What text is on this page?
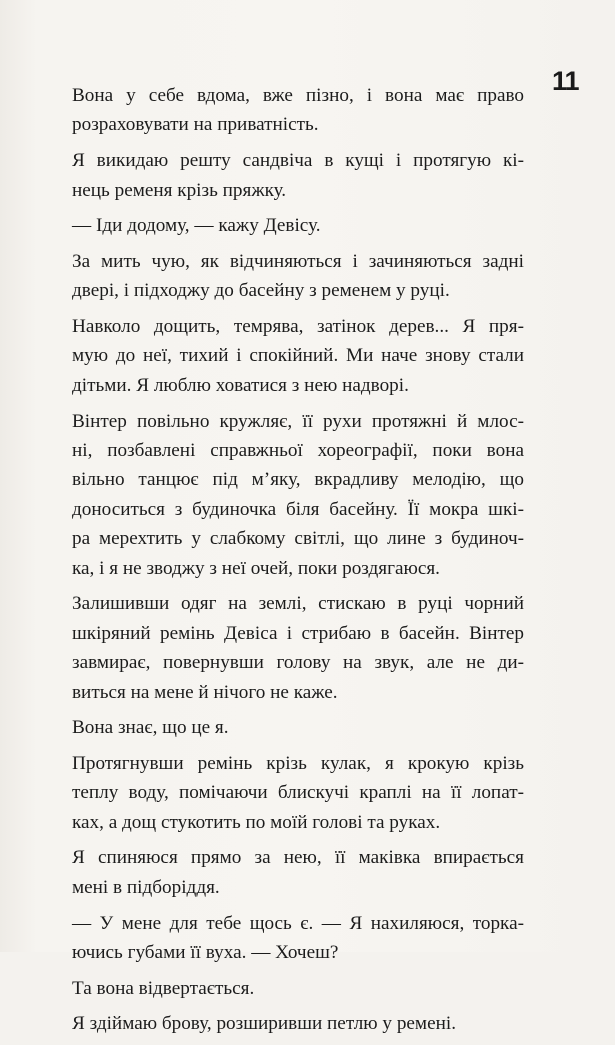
11
Вона у себе вдома, вже пізно, і вона має право
розраховувати на приватність.
Я викидаю решту сандвіча в кущі і протягую кі-
нець ременя крізь пряжку.
— Іди додому, — кажу Девісу.
За мить чую, як відчиняються і зачиняються задні
двері, і підходжу до басейну з ременем у руці.
Навколо дощить, темрява, затінок дерев... Я пря-
мую до неї, тихий і спокійний. Ми наче знову стали
дітьми. Я люблю ховатися з нею надворі.
Вінтер повільно кружляє, її рухи протяжні й млос-
ні, позбавлені справжньої хореографії, поки вона
вільно танцює під м’яку, вкрадливу мелодію, що
доноситься з будиночка біля басейну. Її мокра шкі-
ра мерехтить у слабкому світлі, що лине з будиноч-
ка, і я не зводжу з неї очей, поки роздягаюся.
Залишивши одяг на землі, стискаю в руці чорний
шкіряний ремінь Девіса і стрибаю в басейн. Вінтер
завмирає, повернувши голову на звук, але не ди-
виться на мене й нічого не каже.
Вона знає, що це я.
Протягнувши ремінь крізь кулак, я крокую крізь
теплу воду, помічаючи блискучі краплі на її лопат-
ках, а дощ стукотить по моїй голові та руках.
Я спиняюся прямо за нею, її маківка впирається
мені в підборіддя.
— У мене для тебе щось є. — Я нахиляюся, торка-
ючись губами її вуха. — Хочеш?
Та вона відвертається.
Я здіймаю брову, розширивши петлю у ремені.
